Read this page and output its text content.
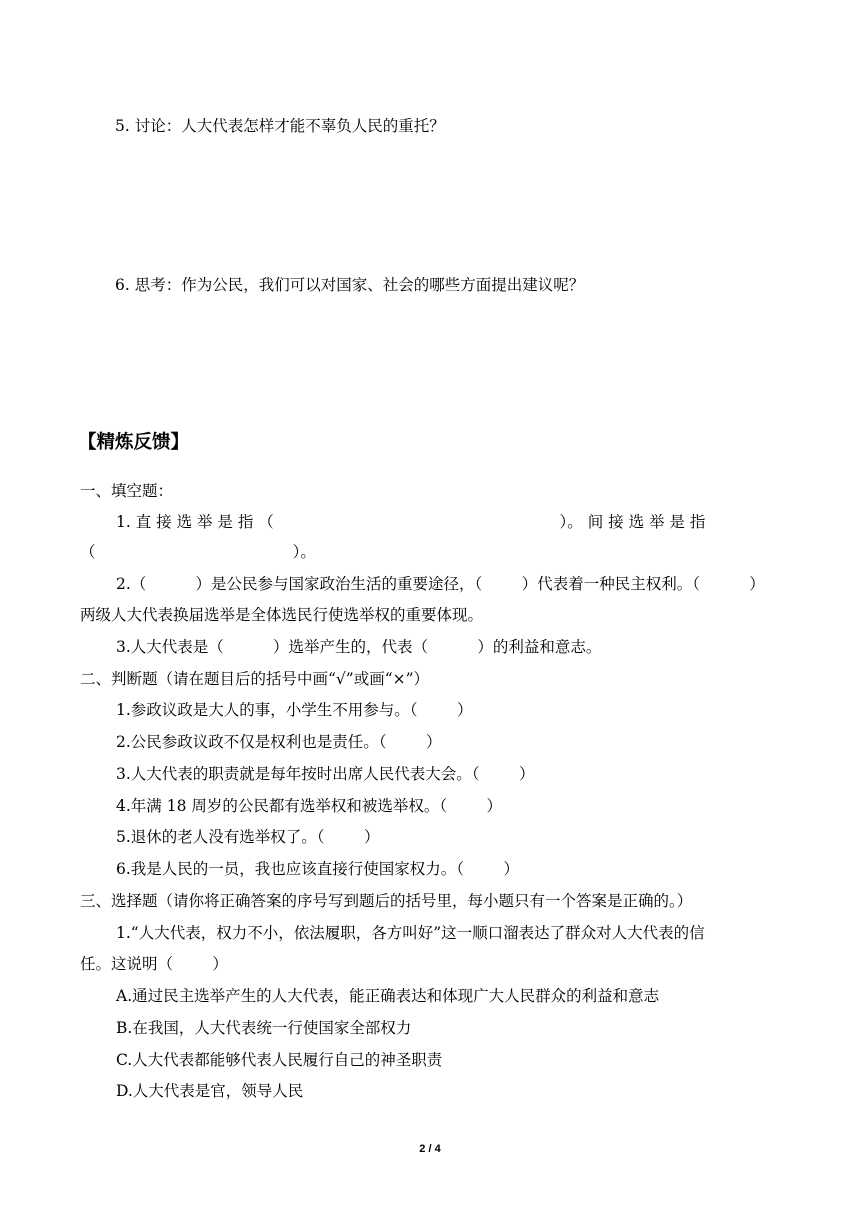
5. 讨论：人大代表怎样才能不辜负人民的重托？
6. 思考：作为公民，我们可以对国家、社会的哪些方面提出建议呢？
【精炼反馈】
一、填空题：
1. 直 接 选 举 是 指 （                                                          ）。 间 接 选 举 是 指
（                                        ）。
2.（          ）是公民参与国家政治生活的重要途径，（        ）代表着一种民主权利。（          ）
两级人大代表换届选举是全体选民行使选举权的重要体现。
3.人大代表是（          ）选举产生的，代表（          ）的利益和意志。
二、判断题（请在题目后的括号中画“√”或画“×”）
1.参政议政是大人的事，小学生不用参与。（        ）
2.公民参政议政不仅是权利也是责任。（        ）
3.人大代表的职责就是每年按时出席人民代表大会。（        ）
4.年满 18 周岁的公民都有选举权和被选举权。（        ）
5.退休的老人没有选举权了。（        ）
6.我是人民的一员，我也应该直接行使国家权力。（        ）
三、选择题（请你将正确答案的序号写到题后的括号里，每小题只有一个答案是正确的。）
1.“人大代表，权力不小，依法履职，各方叫好”这一顺口溜表达了群众对人大代表的信
任。这说明（        ）
A.通过民主选举产生的人大代表，能正确表达和体现广大人民群众的利益和意志
B.在我国，人大代表统一行使国家全部权力
C.人大代表都能够代表人民履行自己的神圣职责
D.人大代表是官，领导人民
2 / 4
